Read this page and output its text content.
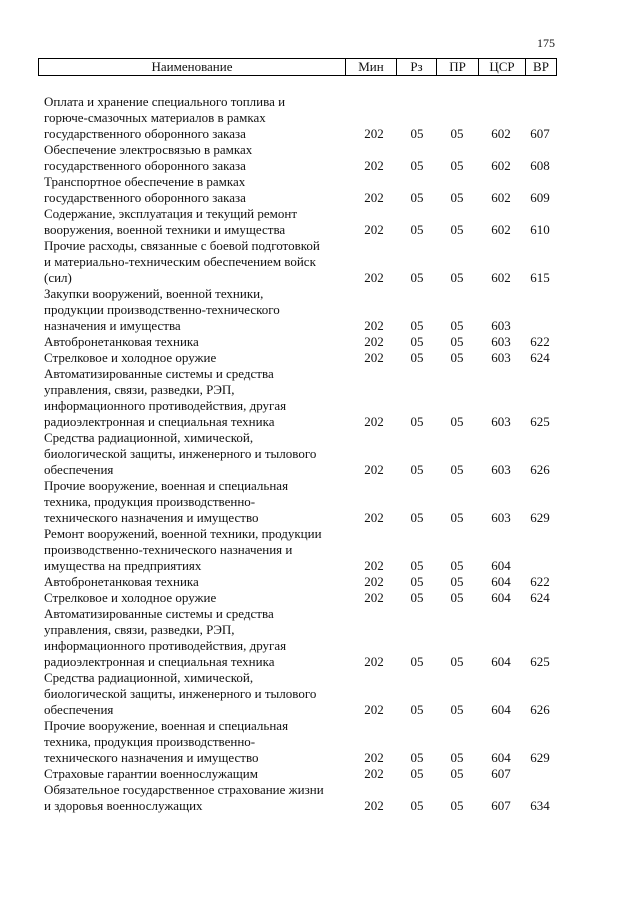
175
Наименование	Мин	Рз	ПР	ЦСР	ВР
Оплата и хранение специального топлива и горюче-смазочных материалов в рамках государственного оборонного заказа	202	05	05	602	607
Обеспечение электросвязью в рамках государственного оборонного заказа	202	05	05	602	608
Транспортное обеспечение в рамках государственного оборонного заказа	202	05	05	602	609
Содержание, эксплуатация и текущий ремонт вооружения, военной техники и имущества	202	05	05	602	610
Прочие расходы, связанные с боевой подготовкой и материально-техническим обеспечением войск (сил)	202	05	05	602	615
Закупки вооружений, военной техники, продукции производственно-технического назначения и имущества	202	05	05	603
Автобронетанковая техника	202	05	05	603	622
Стрелковое и холодное оружие	202	05	05	603	624
Автоматизированные системы и средства управления, связи, разведки, РЭП, информационного противодействия, другая радиоэлектронная и специальная техника	202	05	05	603	625
Средства радиационной, химической, биологической защиты, инженерного и тылового обеспечения	202	05	05	603	626
Прочие вооружение, военная и специальная техника, продукция производственно-технического назначения и имущество	202	05	05	603	629
Ремонт вооружений, военной техники, продукции производственно-технического назначения и имущества на предприятиях	202	05	05	604
Автобронетанковая техника	202	05	05	604	622
Стрелковое и холодное оружие	202	05	05	604	624
Автоматизированные системы и средства управления, связи, разведки, РЭП, информационного противодействия, другая радиоэлектронная и специальная техника	202	05	05	604	625
Средства радиационной, химической, биологической защиты, инженерного и тылового обеспечения	202	05	05	604	626
Прочие вооружение, военная и специальная техника, продукция производственно-технического назначения и имущество	202	05	05	604	629
Страховые гарантии военнослужащим	202	05	05	607
Обязательное государственное страхование жизни и здоровья военнослужащих	202	05	05	607	634
